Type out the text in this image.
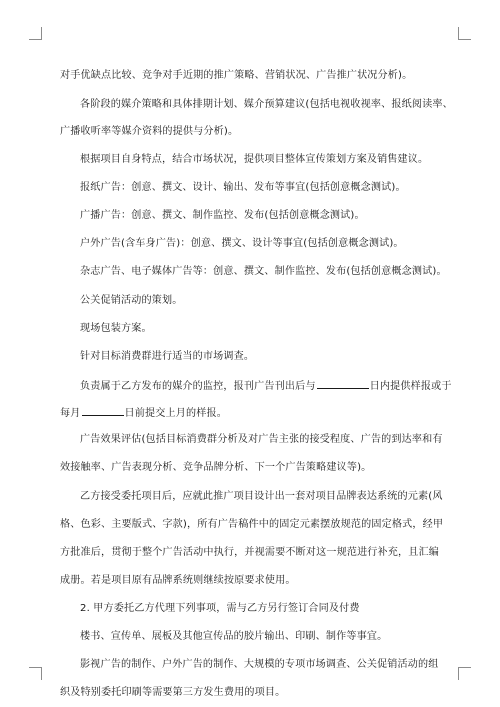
对手优缺点比较、竞争对手近期的推广策略、营销状况、广告推广状况分析)。
各阶段的媒介策略和具体排期计划、媒介预算建议(包括电视收视率、报纸阅读率、
广播收听率等媒介资料的提供与分析)。
根据项目自身特点，结合市场状况，提供项目整体宣传策划方案及销售建议。
报纸广告：创意、撰文、设计、输出、发布等事宜(包括创意概念测试)。
广播广告：创意、撰文、制作监控、发布(包括创意概念测试)。
户外广告(含车身广告)：创意、撰文、设计等事宜(包括创意概念测试)。
杂志广告、电子媒体广告等：创意、撰文、制作监控、发布(包括创意概念测试)。
公关促销活动的策划。
现场包装方案。
针对目标消费群进行适当的市场调查。
负责属于乙方发布的媒介的监控，报刊广告刊出后与	日内提供样报或于
每月	日前提交上月的样报。
广告效果评估(包括目标消费群分析及对广告主张的接受程度、广告的到达率和有
效接触率、广告表现分析、竞争品牌分析、下一个广告策略建议等)。
乙方接受委托项目后，应就此推广项目设计出一套对项目品牌表达系统的元素(风
格、色彩、主要版式、字款)，所有广告稿件中的固定元素摆放规范的固定格式，经甲
方批准后，贯彻于整个广告活动中执行，并视需要不断对这一规范进行补充，且汇编
成册。若是项目原有品牌系统则继续按原要求使用。
2. 甲方委托乙方代理下列事项，需与乙方另行签订合同及付费
楼书、宣传单、展板及其他宣传品的胶片输出、印刷、制作等事宜。
影视广告的制作、户外广告的制作、大规模的专项市场调查、公关促销活动的组
织及特别委托印刷等需要第三方发生费用的项目。
